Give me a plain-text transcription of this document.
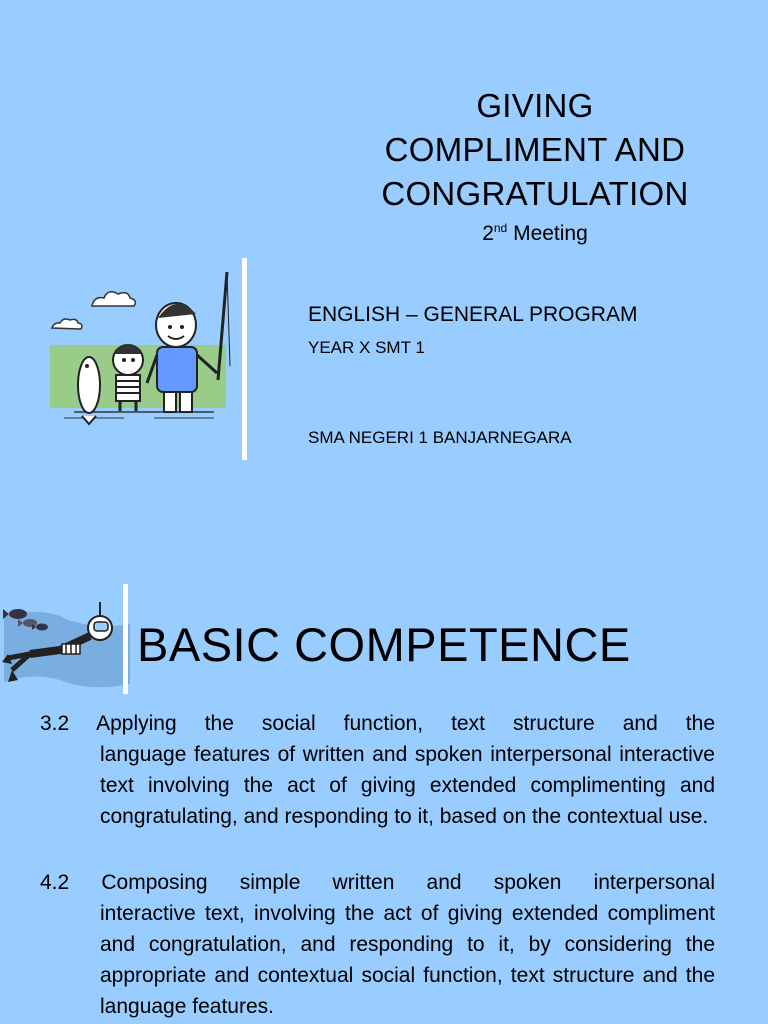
GIVING
COMPLIMENT AND
CONGRATULATION
2nd Meeting
ENGLISH – GENERAL PROGRAM
YEAR X SMT 1
SMA NEGERI 1 BANJARNEGARA
BASIC COMPETENCE
3.2 Applying the social function, text structure and the
language features of written and spoken interpersonal interactive text involving the act of giving extended complimenting and congratulating, and responding to it, based on the contextual use.
4.2 Composing simple written and spoken interpersonal
interactive text, involving the act of giving extended compliment and congratulation, and responding to it, by considering the appropriate and contextual social function, text structure and the language features.
